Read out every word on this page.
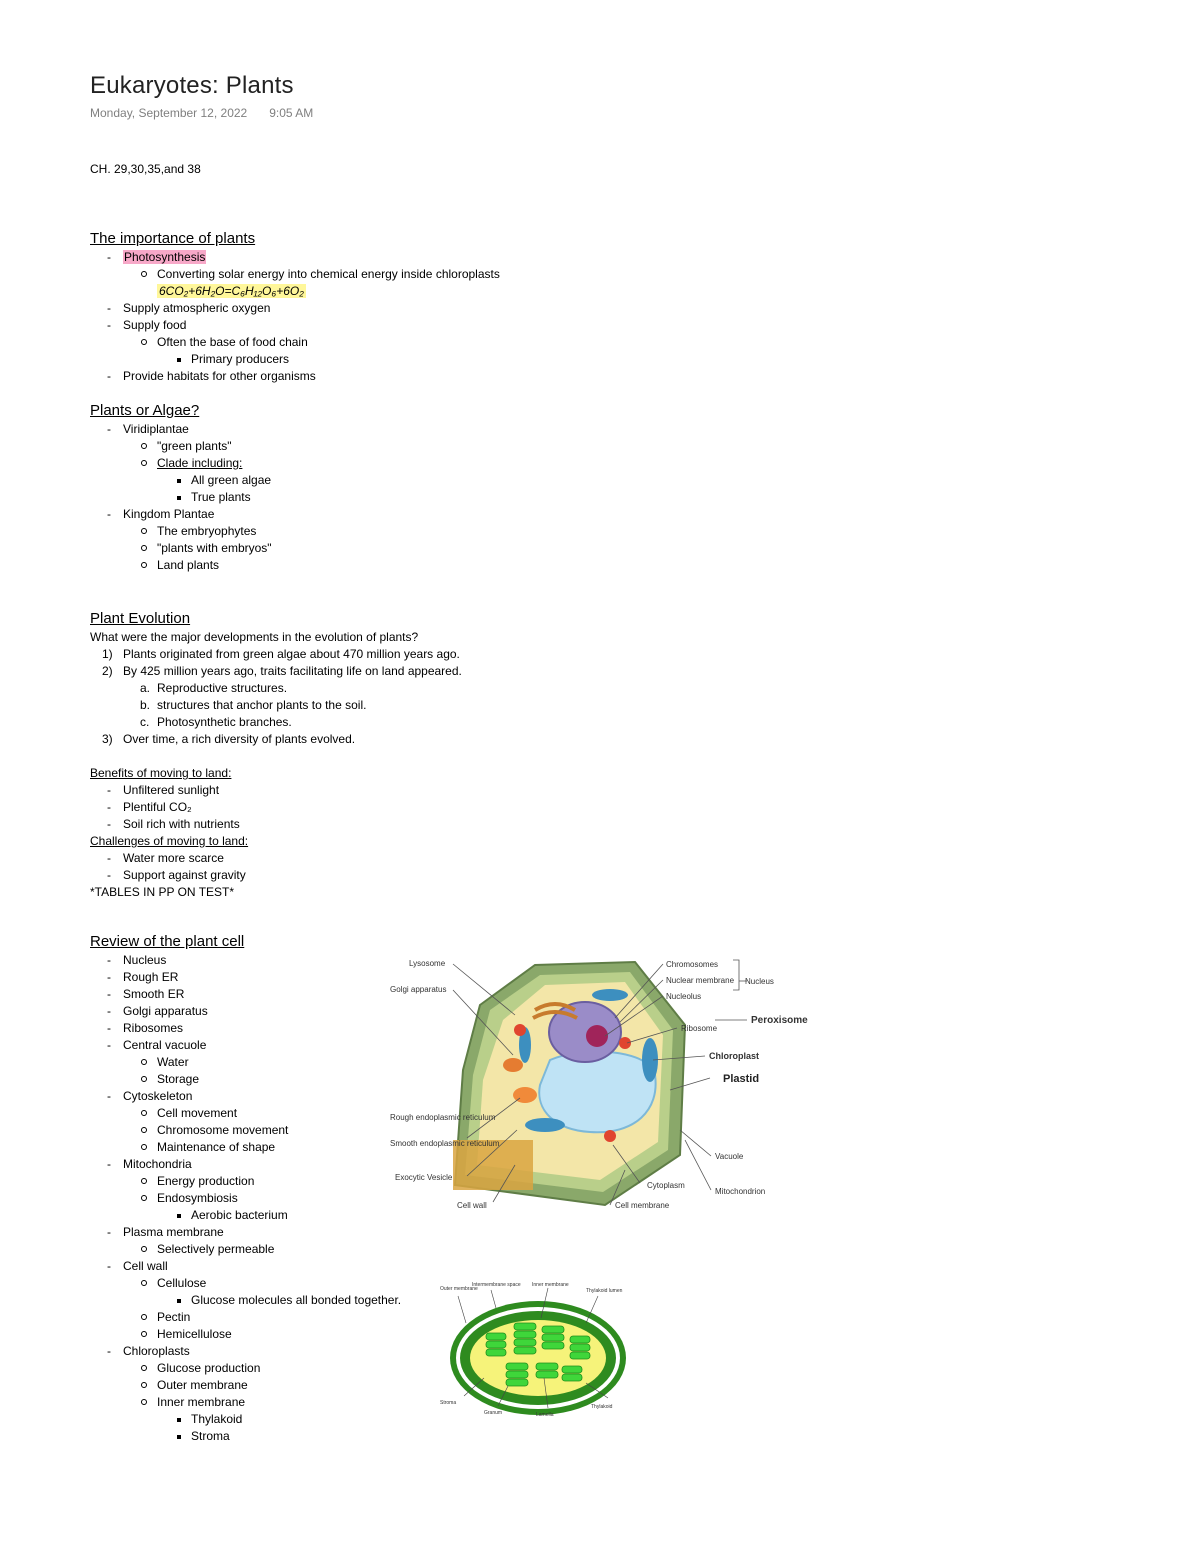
Eukaryotes: Plants
Monday, September 12, 2022 9:05 AM
CH. 29,30,35,and 38
The importance of plants
-	Photosynthesis
Converting solar energy into chemical energy inside chloroplasts
6CO₂+6H₂O=C₆H₁₂O₆+6O₂
-	Supply atmospheric oxygen
-	Supply food
Often the base of food chain
Primary producers
-	Provide habitats for other organisms
Plants or Algae?
-	Viridiplantae
"green plants"
Clade including:
All green algae
True plants
-	Kingdom Plantae
The embryophytes
"plants with embryos"
Land plants
Plant Evolution
What were the major developments in the evolution of plants?
1) Plants originated from green algae about 470 million years ago.
2) By 425 million years ago, traits facilitating life on land appeared.
a. Reproductive structures.
b. structures that anchor plants to the soil.
c. Photosynthetic branches.
3) Over time, a rich diversity of plants evolved.
Benefits of moving to land:
-	Unfiltered sunlight
-	Plentiful CO₂
-	Soil rich with nutrients
Challenges of moving to land:
-	Water more scarce
-	Support against gravity
*TABLES IN PP ON TEST*
Review of the plant cell
-	Nucleus
-	Rough ER
-	Smooth ER
-	Golgi apparatus
-	Ribosomes
-	Central vacuole
Water
Storage
-	Cytoskeleton
Cell movement
Chromosome movement
Maintenance of shape
-	Mitochondria
Energy production
Endosymbiosis
Aerobic bacterium
-	Plasma membrane
Selectively permeable
-	Cell wall
Cellulose
Glucose molecules all bonded together.
Pectin
Hemicellulose
-	Chloroplasts
Glucose production
Outer membrane
Inner membrane
Thylakoid
Stroma
Lysosome
Golgi apparatus
Chromosomes
Nuclear membrane
Nucleolus
Nucleus
Ribosome
Chloroplast
Rough endoplasmic reticulum
Smooth endoplasmic reticulum
Exocytic Vesicle
Vacuole
Cytoplasm
Mitochondrion
Cell wall	Cell membrane
Peroxisome
Plastid
Outer membrane
Intermembrane space Inner membrane
Thylakoid lumen
Stroma
Granum	Lamella
Thylakoid
